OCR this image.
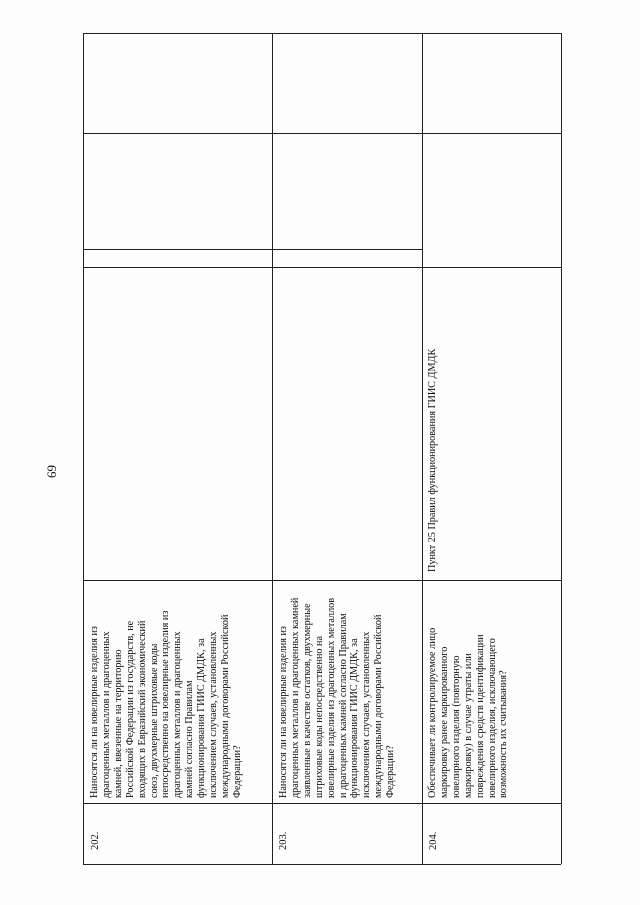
69
202.
Наносятся ли на ювелирные изделия из
драгоценных металлов и драгоценных
камней, ввезенные на территорию
Российской Федерации из государств, не
входящих в Евразийский экономический
союз, двухмерные штриховые коды
непосредственно на ювелирные изделия из
драгоценных металлов и драгоценных
камней согласно Правилам
функционирования ГИИС ДМДК, за
исключением случаев, установленных
международными договорами Российской
Федерации?
203.
Наносятся ли на ювелирные изделия из
драгоценных металлов и драгоценных камней
заявленные в качестве остатков, двухмерные
штриховые коды непосредственно на
ювелирные изделия из драгоценных металлов
и драгоценных камней согласно Правилам
функционирования ГИИС ДМДК, за
исключением случаев, установленных
международными договорами Российской
Федерации?
204.
Обеспечивает ли контролируемое лицо
маркировку ранее маркированного
ювелирного изделия (повторную
маркировку) в случае утраты или
повреждения средств идентификации
ювелирного изделия, исключающего
возможность их считывания?
Пункт 25 Правил функционирования ГИИС ДМДК
